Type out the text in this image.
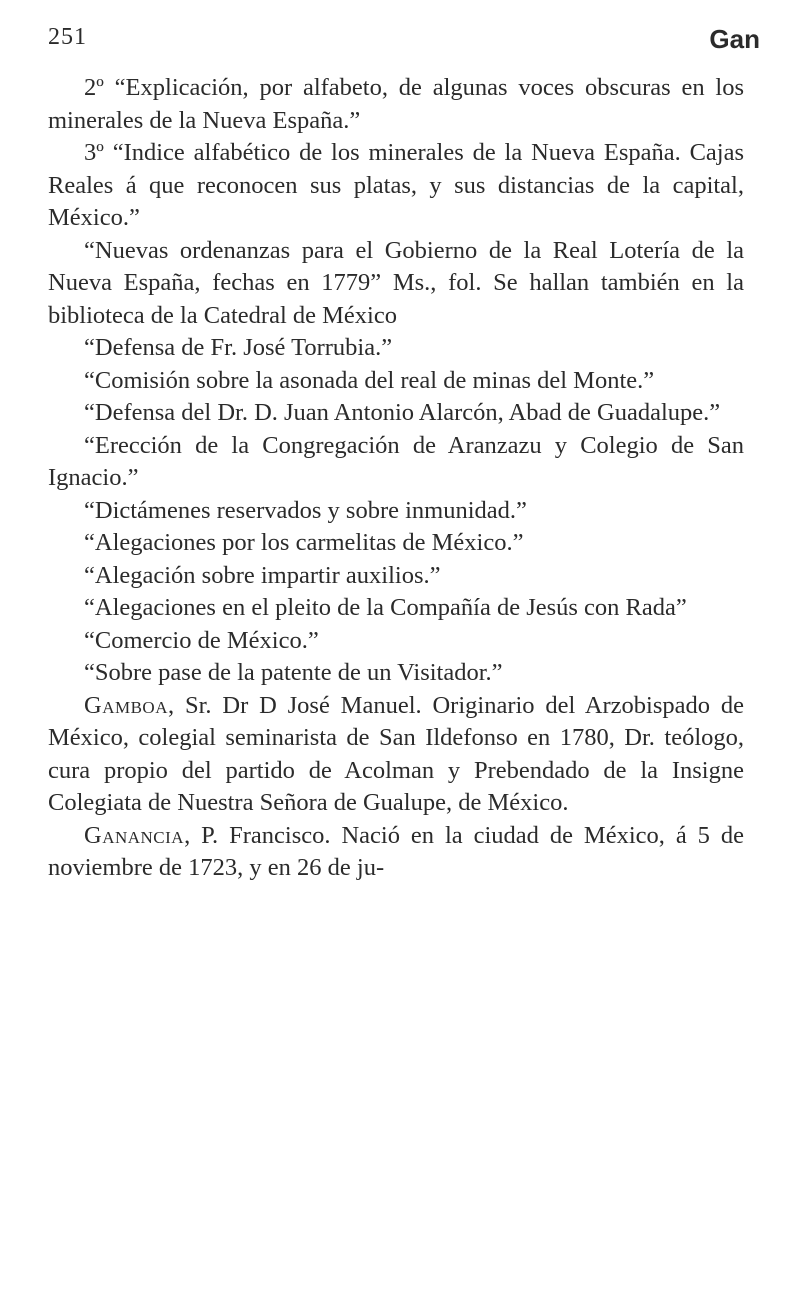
251	Gan

2º “Explicación, por alfabeto, de algunas voces obscuras en los minerales de la Nueva España.”

3º “Indice alfabético de los minerales de la Nueva España. Cajas Reales á que reconocen sus platas, y sus distancias de la capital, México.”

“Nuevas ordenanzas para el Gobierno de la Real Lotería de la Nueva España, fechas en 1779” Ms., fol. Se hallan también en la biblioteca de la Catedral de México

“Defensa de Fr. José Torrubia.”

“Comisión sobre la asonada del real de minas del Monte.”

“Defensa del Dr. D. Juan Antonio Alarcón, Abad de Guadalupe.”

“Erección de la Congregación de Aranzazu y Colegio de San Ignacio.”

“Dictámenes reservados y sobre inmunidad.”

“Alegaciones por los carmelitas de México.”

“Alegación sobre impartir auxilios.”

“Alegaciones en el pleito de la Compañía de Jesús con Rada”

“Comercio de México.”

“Sobre pase de la patente de un Visitador.”

Gamboa, Sr. Dr D José Manuel. Originario del Arzobispado de México, colegial seminarista de San Ildefonso en 1780, Dr. teólogo, cura propio del partido de Acolman y Prebendado de la Insigne Colegiata de Nuestra Señora de Gualupe, de México.

Ganancia, P. Francisco. Nació en la ciudad de México, á 5 de noviembre de 1723, y en 26 de ju-
